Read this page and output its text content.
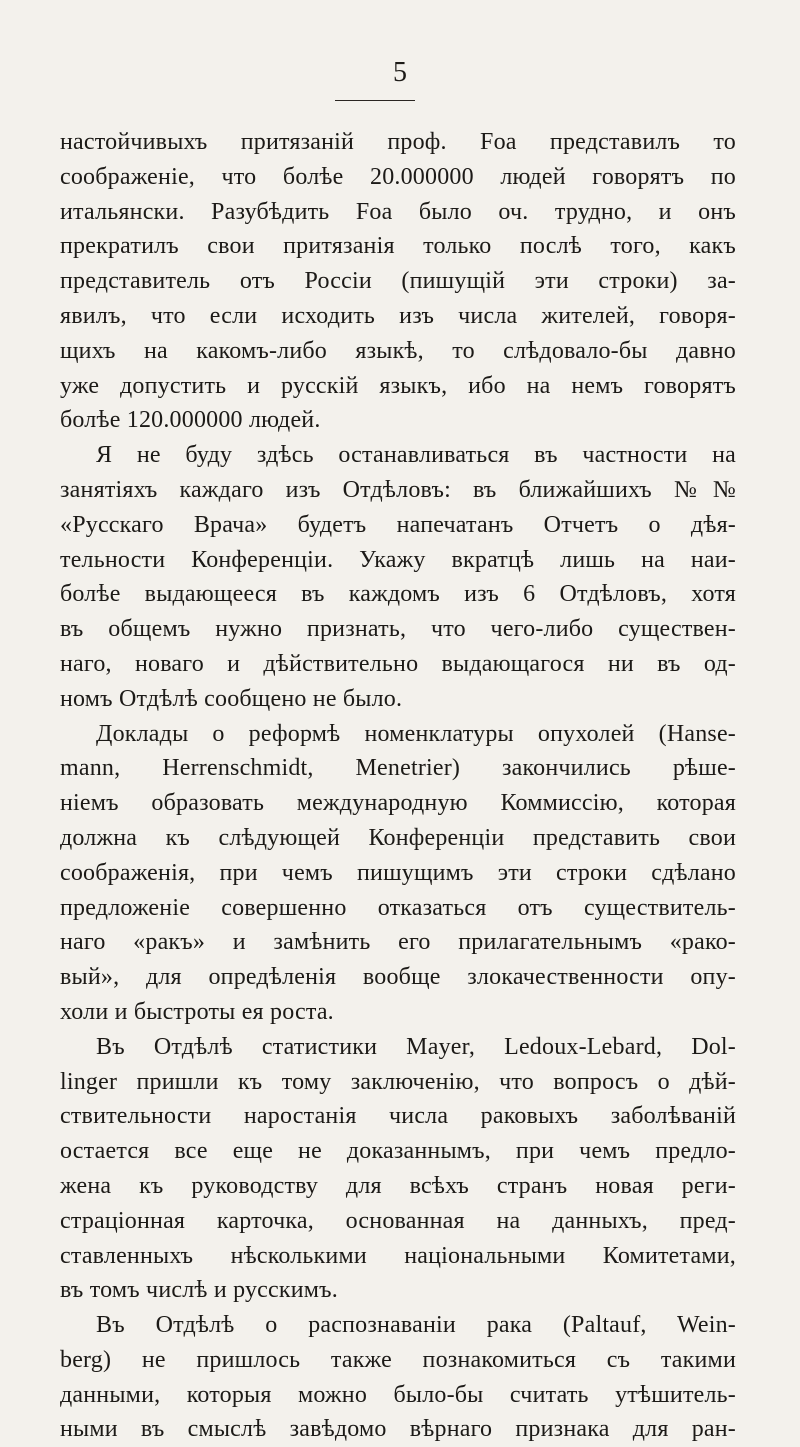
5
настойчивыхъ притязаній проф. Foa представилъ то
соображеніе, что болѣе 20.000000 людей говорятъ по
итальянски. Разубѣдить Foa было оч. трудно, и онъ
прекратилъ свои притязанія только послѣ того, какъ
представитель отъ Россіи (пишущій эти строки) за-
явилъ, что если исходить изъ числа жителей, говоря-
щихъ на какомъ-либо языкѣ, то слѣдовало-бы давно
уже допустить и русскій языкъ, ибо на немъ говорятъ
болѣе 120.000000 людей.
Я не буду здѣсь останавливаться въ частности на
занятіяхъ каждаго изъ Отдѣловъ: въ ближайшихъ №№
«Русскаго Врача» будетъ напечатанъ Отчетъ о дѣя-
тельности Конференціи. Укажу вкратцѣ лишь на наи-
болѣе выдающееся въ каждомъ изъ 6 Отдѣловъ, хотя
въ общемъ нужно признать, что чего-либо существен-
наго, новаго и дѣйствительно выдающагося ни въ од-
номъ Отдѣлѣ сообщено не было.
Доклады о реформѣ номенклатуры опухолей (Hanse-
mann, Herrenschmidt, Menetrier) закончились рѣше-
ніемъ образовать международную Коммиссію, которая
должна къ слѣдующей Конференціи представить свои
соображенія, при чемъ пишущимъ эти строки сдѣлано
предложеніе совершенно отказаться отъ существитель-
наго «ракъ» и замѣнить его прилагательнымъ «рако-
вый», для опредѣленія вообще злокачественности опу-
холи и быстроты ея роста.
Въ Отдѣлѣ статистики Mayer, Ledoux-Lebard, Dol-
linger пришли къ тому заключенію, что вопросъ о дѣй-
ствительности наростанія числа раковыхъ заболѣваній
остается все еще не доказаннымъ, при чемъ предло-
жена къ руководству для всѣхъ странъ новая реги-
страціонная карточка, основанная на данныхъ, пред-
ставленныхъ нѣсколькими національными Комитетами,
въ томъ числѣ и русскимъ.
Въ Отдѣлѣ о распознаваніи рака (Paltauf, Wein-
berg) не пришлось также познакомиться съ такими
данными, которыя можно было-бы считать утѣшитель-
ными въ смыслѣ завѣдомо вѣрнаго признака для ран-
